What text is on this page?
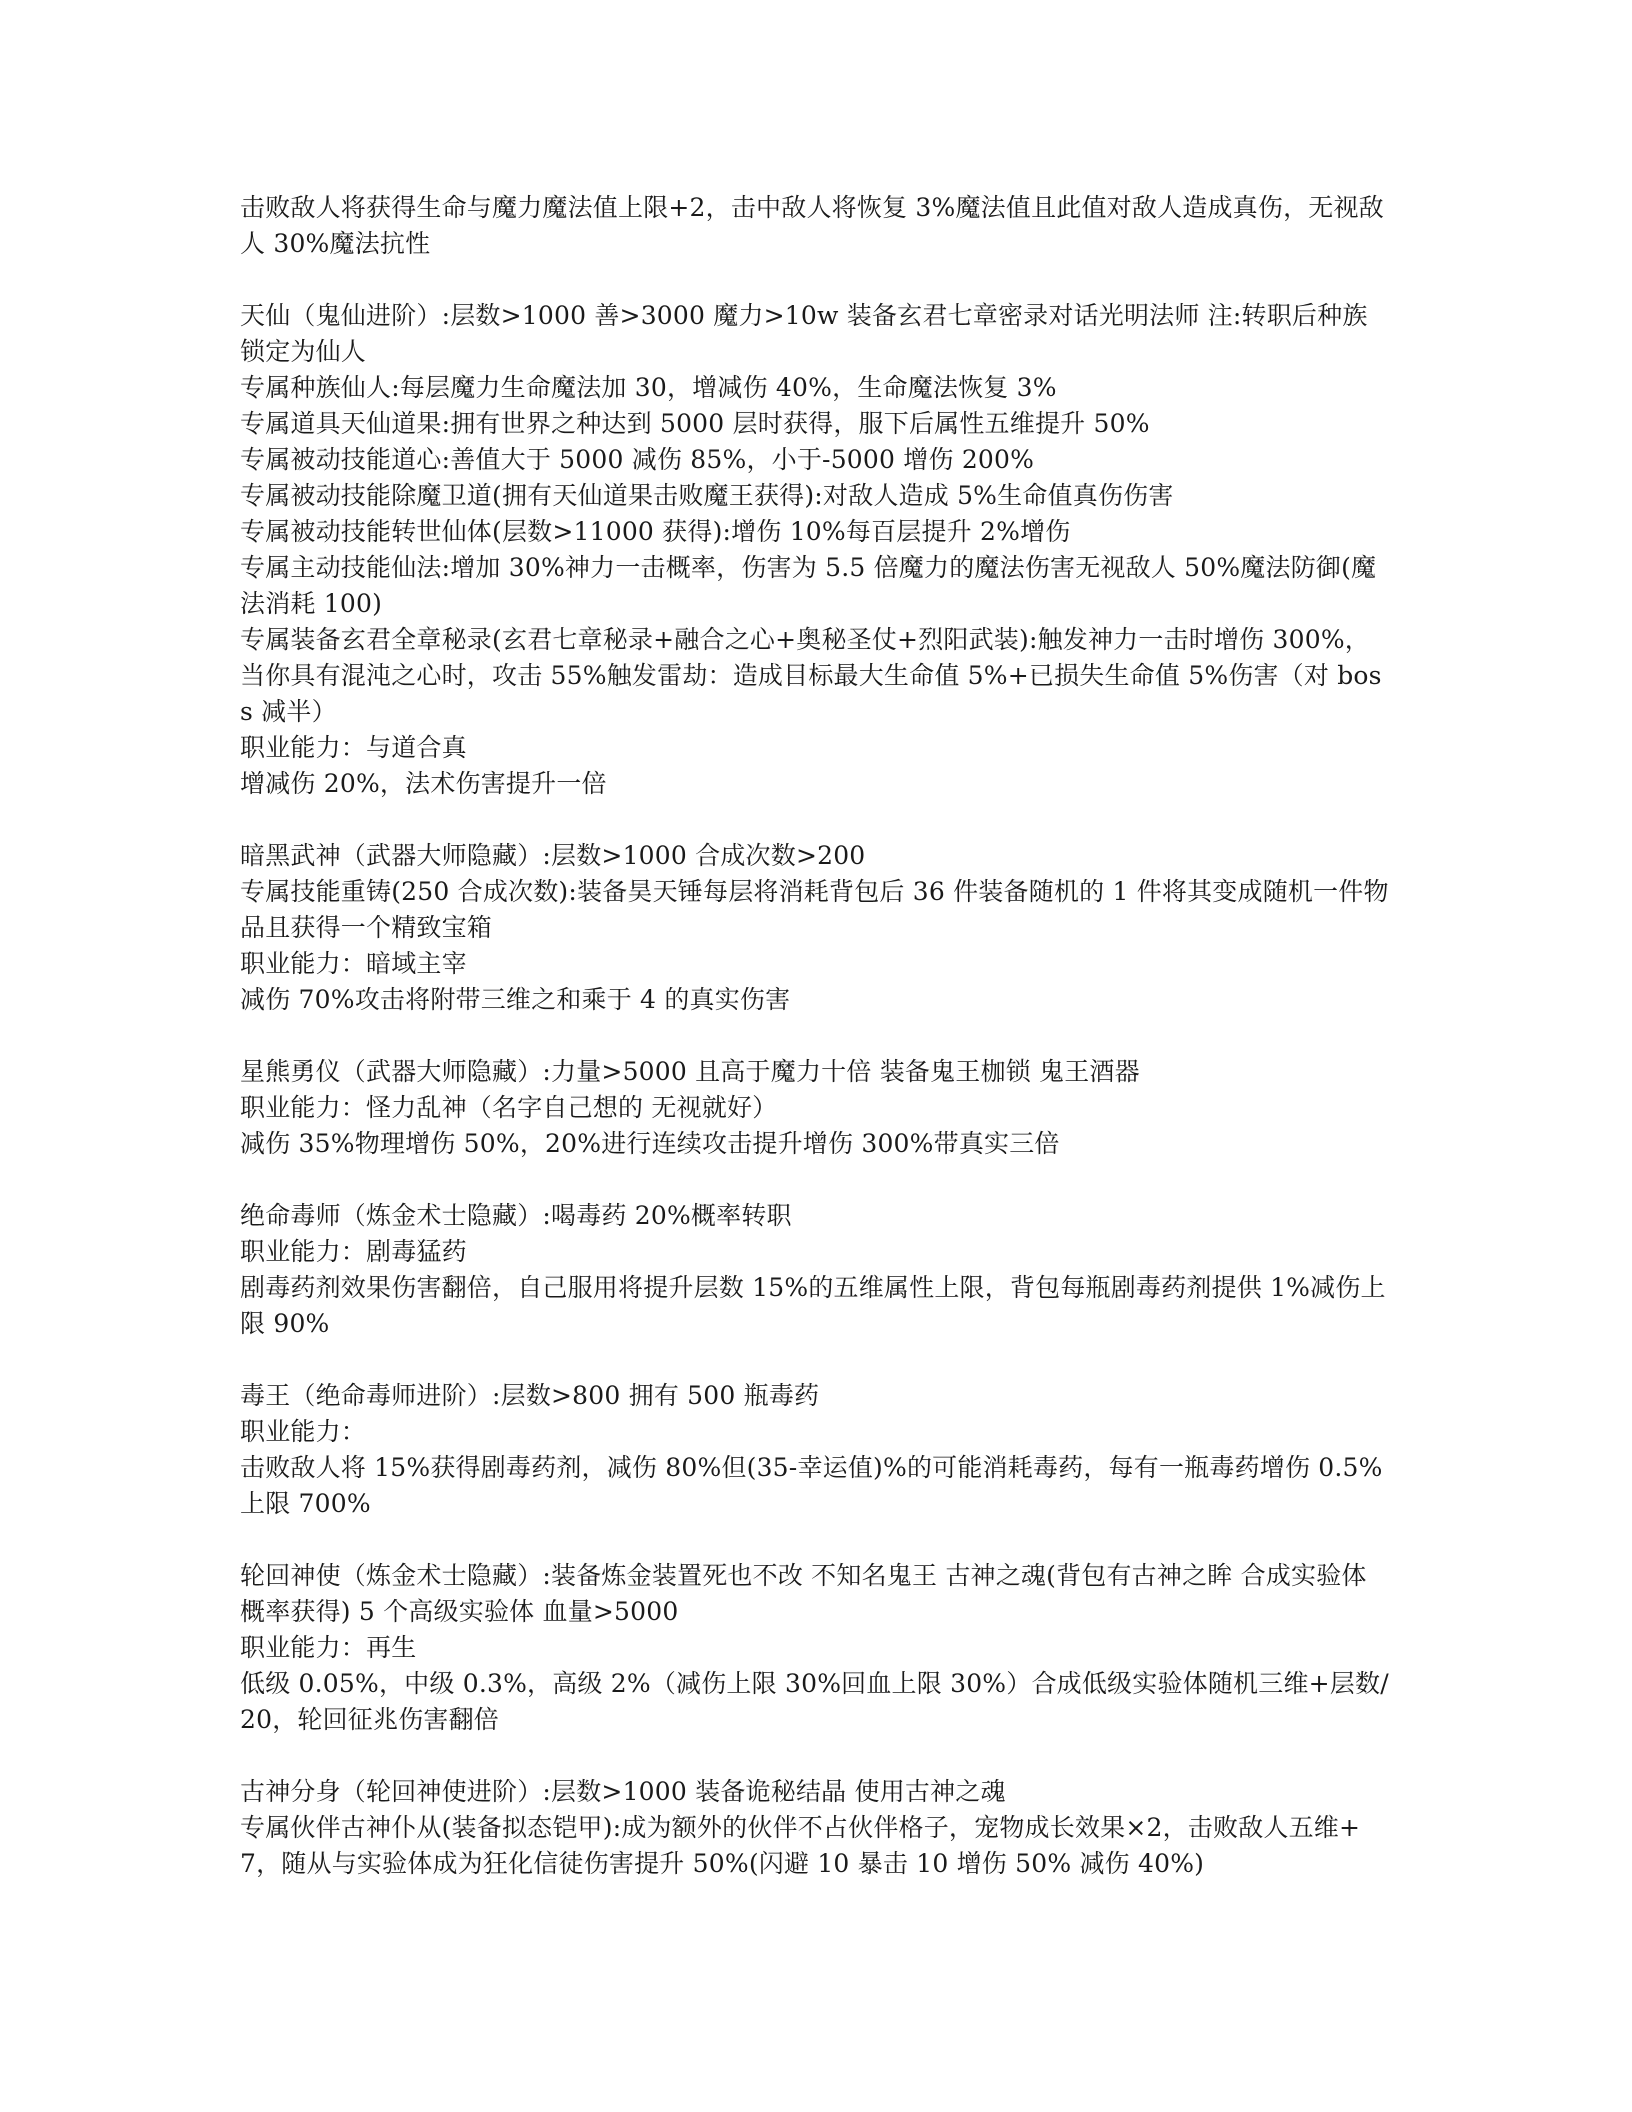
击败敌人将获得生命与魔力魔法值上限+2，击中敌人将恢复 3%魔法值且此值对敌人造成真伤，无视敌人 30%魔法抗性
天仙（鬼仙进阶）:层数>1000 善>3000 魔力>10w 装备玄君七章密录对话光明法师 注:转职后种族锁定为仙人
专属种族仙人:每层魔力生命魔法加 30，增减伤 40%，生命魔法恢复 3%
专属道具天仙道果:拥有世界之种达到 5000 层时获得，服下后属性五维提升 50%
专属被动技能道心:善值大于 5000 减伤 85%，小于-5000 增伤 200%
专属被动技能除魔卫道(拥有天仙道果击败魔王获得):对敌人造成 5%生命值真伤伤害
专属被动技能转世仙体(层数>11000 获得):增伤 10%每百层提升 2%增伤
专属主动技能仙法:增加 30%神力一击概率，伤害为 5.5 倍魔力的魔法伤害无视敌人 50%魔法防御(魔法消耗 100)
专属装备玄君全章秘录(玄君七章秘录+融合之心+奥秘圣仗+烈阳武装):触发神力一击时增伤 300%，当你具有混沌之心时，攻击 55%触发雷劫：造成目标最大生命值 5%+已损失生命值 5%伤害（对 boss 减半）
职业能力：与道合真
增减伤 20%，法术伤害提升一倍
暗黑武神（武器大师隐藏）:层数>1000 合成次数>200
专属技能重铸(250 合成次数):装备昊天锤每层将消耗背包后 36 件装备随机的 1 件将其变成随机一件物品且获得一个精致宝箱
职业能力：暗域主宰
减伤 70%攻击将附带三维之和乘于 4 的真实伤害
星熊勇仪（武器大师隐藏）:力量>5000 且高于魔力十倍 装备鬼王枷锁 鬼王酒器
职业能力：怪力乱神（名字自己想的 无视就好）
减伤 35%物理增伤 50%，20%进行连续攻击提升增伤 300%带真实三倍
绝命毒师（炼金术士隐藏）:喝毒药 20%概率转职
职业能力：剧毒猛药
剧毒药剂效果伤害翻倍，自己服用将提升层数 15%的五维属性上限，背包每瓶剧毒药剂提供 1%减伤上限 90%
毒王（绝命毒师进阶）:层数>800 拥有 500 瓶毒药
职业能力：
击败敌人将 15%获得剧毒药剂，减伤 80%但(35-幸运值)%的可能消耗毒药，每有一瓶毒药增伤 0.5%上限 700%
轮回神使（炼金术士隐藏）:装备炼金装置死也不改 不知名鬼王 古神之魂(背包有古神之眸 合成实验体概率获得) 5 个高级实验体 血量>5000
职业能力：再生
低级 0.05%，中级 0.3%，高级 2%（减伤上限 30%回血上限 30%）合成低级实验体随机三维+层数/20，轮回征兆伤害翻倍
古神分身（轮回神使进阶）:层数>1000 装备诡秘结晶 使用古神之魂
专属伙伴古神仆从(装备拟态铠甲):成为额外的伙伴不占伙伴格子，宠物成长效果×2，击败敌人五维+7，随从与实验体成为狂化信徒伤害提升 50%(闪避 10 暴击 10 增伤 50% 减伤 40%)
